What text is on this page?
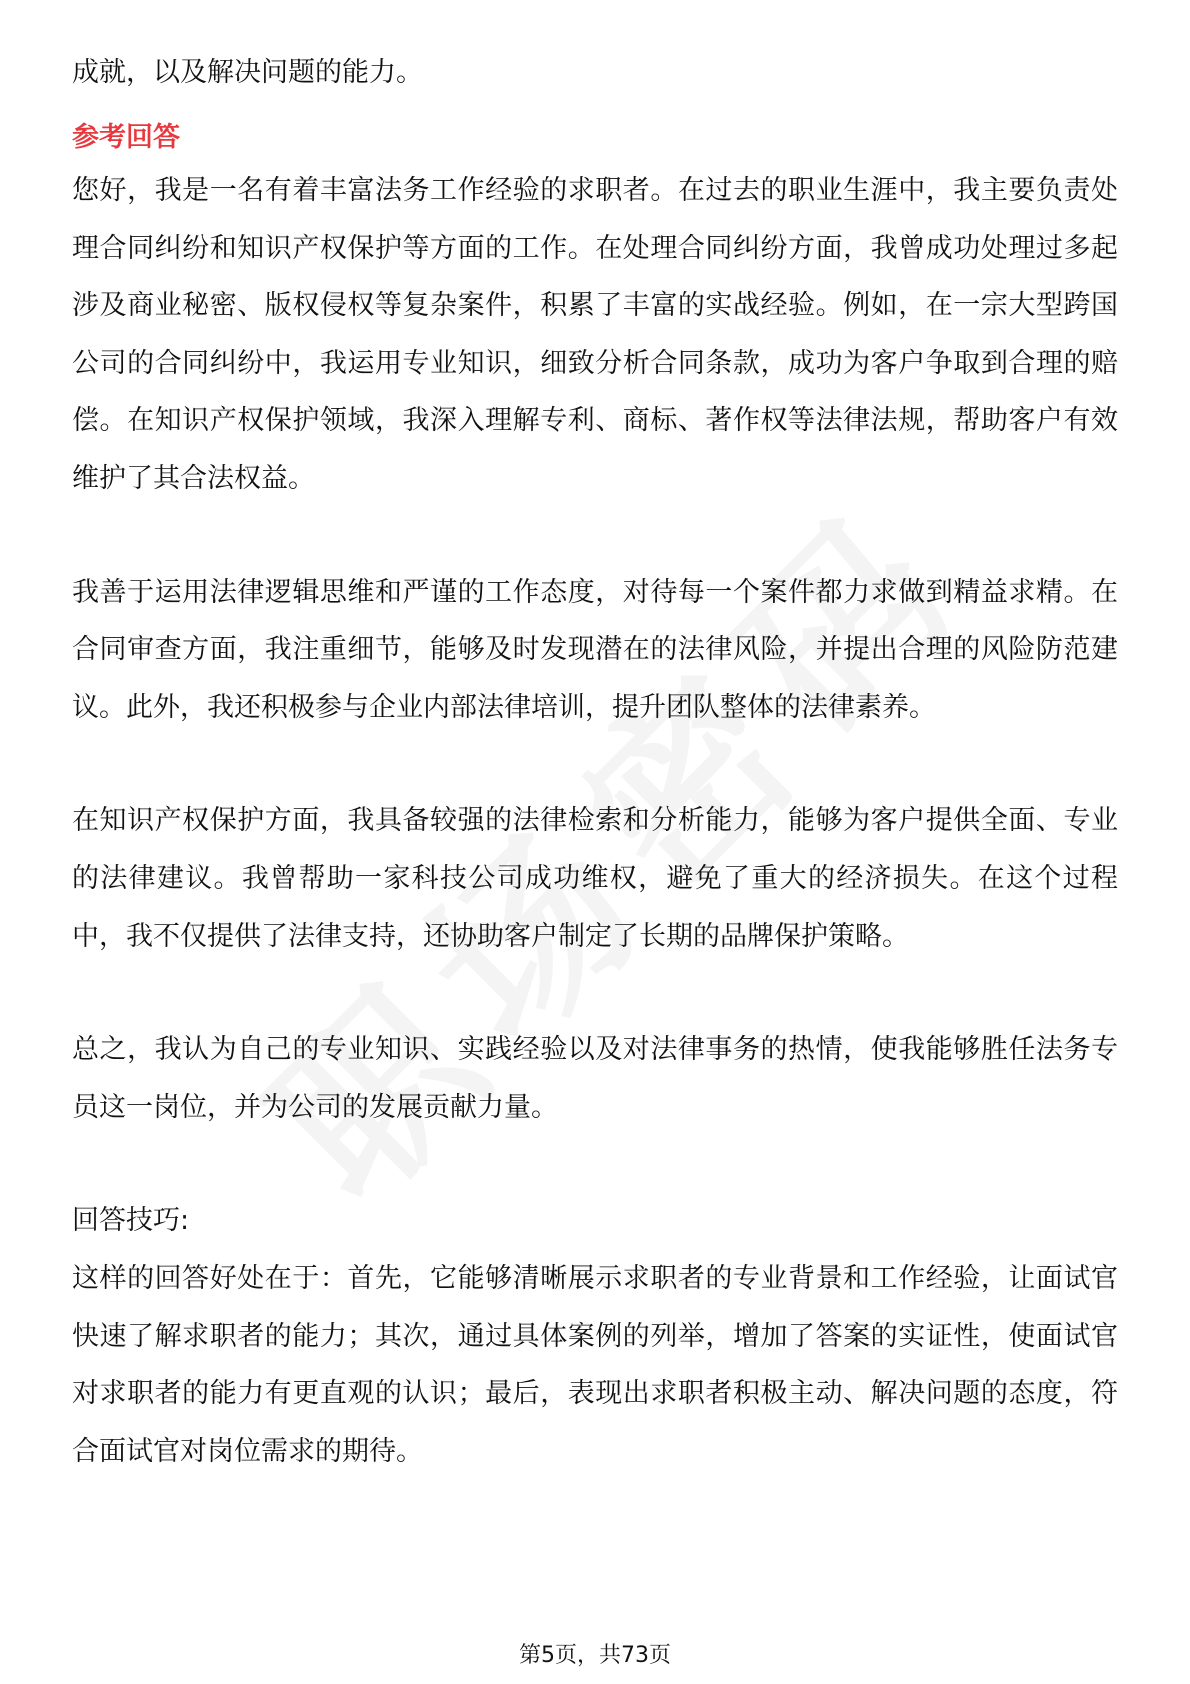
成就，以及解决问题的能力。

参考回答

您好，我是一名有着丰富法务工作经验的求职者。在过去的职业生涯中，我主要负责处理合同纠纷和知识产权保护等方面的工作。在处理合同纠纷方面，我曾成功处理过多起涉及商业秘密、版权侵权等复杂案件，积累了丰富的实战经验。例如，在一宗大型跨国公司的合同纠纷中，我运用专业知识，细致分析合同条款，成功为客户争取到合理的赔偿。在知识产权保护领域，我深入理解专利、商标、著作权等法律法规，帮助客户有效维护了其合法权益。

我善于运用法律逻辑思维和严谨的工作态度，对待每一个案件都力求做到精益求精。在合同审查方面，我注重细节，能够及时发现潜在的法律风险，并提出合理的风险防范建议。此外，我还积极参与企业内部法律培训，提升团队整体的法律素养。

在知识产权保护方面，我具备较强的法律检索和分析能力，能够为客户提供全面、专业的法律建议。我曾帮助一家科技公司成功维权，避免了重大的经济损失。在这个过程中，我不仅提供了法律支持，还协助客户制定了长期的品牌保护策略。

总之，我认为自己的专业知识、实践经验以及对法律事务的热情，使我能够胜任法务专员这一岗位，并为公司的发展贡献力量。

回答技巧:

这样的回答好处在于：首先，它能够清晰展示求职者的专业背景和工作经验，让面试官快速了解求职者的能力；其次，通过具体案例的列举，增加了答案的实证性，使面试官对求职者的能力有更直观的认识；最后，表现出求职者积极主动、解决问题的态度，符合面试官对岗位需求的期待。

第5页，共73页
